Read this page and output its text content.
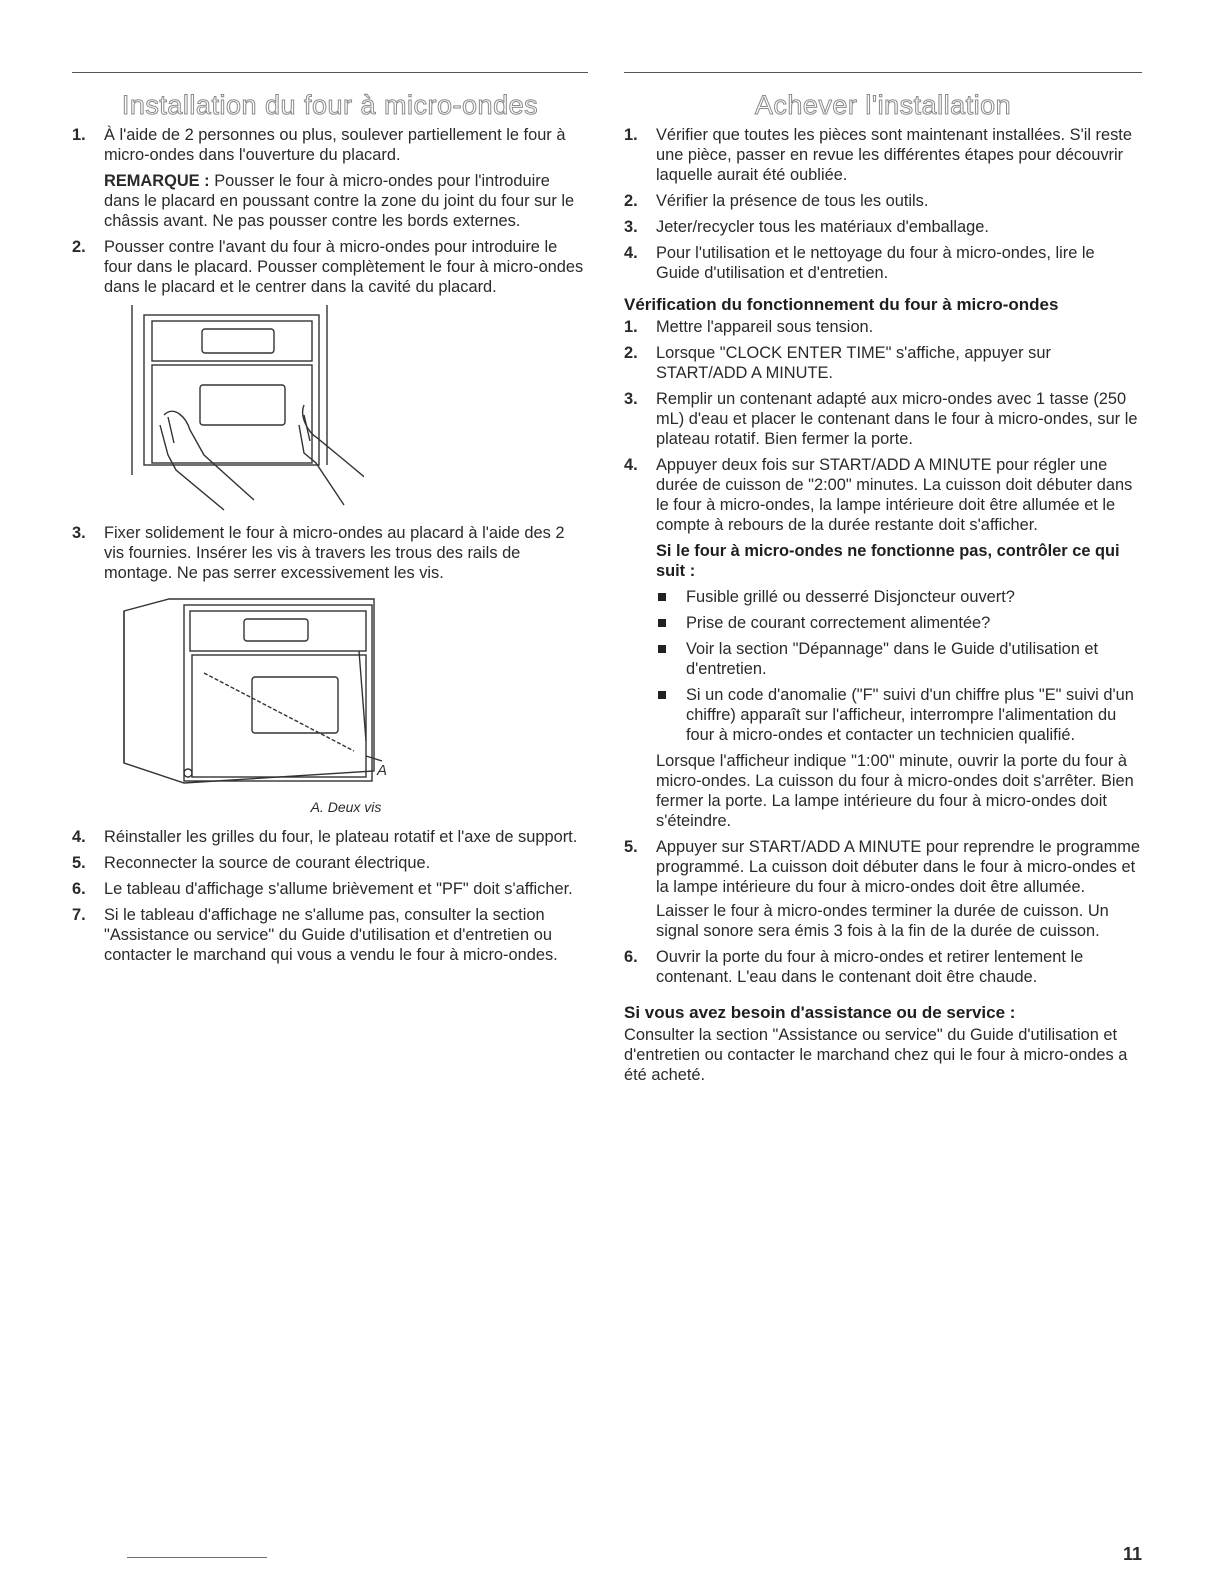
Installation du four à micro-ondes
1. À l'aide de 2 personnes ou plus, soulever partiellement le four à micro-ondes dans l'ouverture du placard.

REMARQUE : Pousser le four à micro-ondes pour l'introduire dans le placard en poussant contre la zone du joint du four sur le châssis avant. Ne pas pousser contre les bords externes.

2. Pousser contre l'avant du four à micro-ondes pour introduire le four dans le placard. Pousser complètement le four à micro-ondes dans le placard et le centrer dans la cavité du placard.

3. Fixer solidement le four à micro-ondes au placard à l'aide des 2 vis fournies. Insérer les vis à travers les trous des rails de montage. Ne pas serrer excessivement les vis.

A
A. Deux vis
4. Réinstaller les grilles du four, le plateau rotatif et l'axe de support.

5. Reconnecter la source de courant électrique.

6. Le tableau d'affichage s'allume brièvement et "PF" doit s'afficher.

7. Si le tableau d'affichage ne s'allume pas, consulter la section "Assistance ou service" du Guide d'utilisation et d'entretien ou contacter le marchand qui vous a vendu le four à micro-ondes.

Achever l'installation
1. Vérifier que toutes les pièces sont maintenant installées. S'il reste une pièce, passer en revue les différentes étapes pour découvrir laquelle aurait été oubliée.

2. Vérifier la présence de tous les outils.

3. Jeter/recycler tous les matériaux d'emballage.

4. Pour l'utilisation et le nettoyage du four à micro-ondes, lire le Guide d'utilisation et d'entretien.

Vérification du fonctionnement du four à micro-ondes
1. Mettre l'appareil sous tension.

2. Lorsque "CLOCK ENTER TIME" s'affiche, appuyer sur START/ADD A MINUTE.

3. Remplir un contenant adapté aux micro-ondes avec 1 tasse (250 mL) d'eau et placer le contenant dans le four à micro-ondes, sur le plateau rotatif. Bien fermer la porte.

4. Appuyer deux fois sur START/ADD A MINUTE pour régler une durée de cuisson de "2:00" minutes. La cuisson doit débuter dans le four à micro-ondes, la lampe intérieure doit être allumée et le compte à rebours de la durée restante doit s'afficher.

Si le four à micro-ondes ne fonctionne pas, contrôler ce qui suit :

Fusible grillé ou desserré Disjoncteur ouvert?
Prise de courant correctement alimentée?
Voir la section "Dépannage" dans le Guide d'utilisation et d'entretien.
Si un code d'anomalie ("F" suivi d'un chiffre plus "E" suivi d'un chiffre) apparaît sur l'afficheur, interrompre l'alimentation du four à micro-ondes et contacter un technicien qualifié.

Lorsque l'afficheur indique "1:00" minute, ouvrir la porte du four à micro-ondes. La cuisson du four à micro-ondes doit s'arrêter. Bien fermer la porte. La lampe intérieure du four à micro-ondes doit s'éteindre.

5. Appuyer sur START/ADD A MINUTE pour reprendre le programme programmé. La cuisson doit débuter dans le four à micro-ondes et la lampe intérieure du four à micro-ondes doit être allumée.

Laisser le four à micro-ondes terminer la durée de cuisson. Un signal sonore sera émis 3 fois à la fin de la durée de cuisson.

6. Ouvrir la porte du four à micro-ondes et retirer lentement le contenant. L'eau dans le contenant doit être chaude.

Si vous avez besoin d'assistance ou de service :

Consulter la section "Assistance ou service" du Guide d'utilisation et d'entretien ou contacter le marchand chez qui le four à micro-ondes a été acheté.

11
